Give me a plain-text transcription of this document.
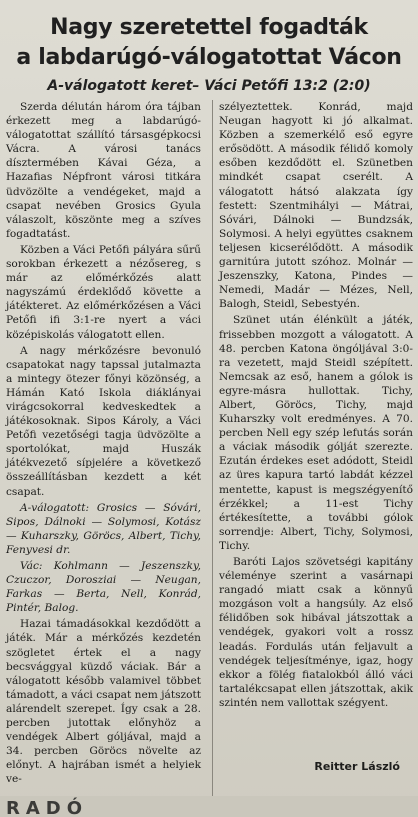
Nagy szeretettel fogadták
a labdarúgó-válogatottat Vácon
A-válogatott keret– Váci Petőfi 13:2 (2:0)

Szerda délután három óra tájban érkezett meg a labdarúgó-válogatottat szállító társasgépkocsi Vácra. A városi tanács dísztermében Kávai Géza, a Hazafias Népfront városi titkára üdvözölte a vendégeket, majd a csapat nevében Grosics Gyula válaszolt, köszönte meg a szíves fogadtatást.

Közben a Váci Petőfi pályára sűrű sorokban érkezett a nézősereg, s már az előmérkőzés alatt nagyszámú érdeklődő követte a játékteret. Az előmérkőzésen a Váci Petőfi ifi 3:1-re nyert a váci középiskolás válogatott ellen.

A nagy mérkőzésre bevonuló csapatokat nagy tapssal jutalmazta a mintegy ötezer főnyi közönség, a Hámán Kató Iskola diáklányai virágcsokorral kedveskedtek a játékosoknak. Sipos Károly, a Váci Petőfi vezetőségi tagja üdvözölte a sportolókat, majd Huszák játékvezető sípjelére a következő összeállításban kezdett a két csapat.

A-válogatott: Grosics — Sóvári, Sipos, Dálnoki — Solymosi, Kotász — Kuharszky, Göröcs, Albert, Tichy, Fenyvesi dr.

Vác: Kohlmann — Jeszenszky, Czuczor, Dorosziai — Neugan, Farkas — Berta, Nell, Konrád, Pintér, Balog.

Hazai támadásokkal kezdődött a játék. Már a mérkőzés kezdetén szögletet értek el a nagy becsvággyal küzdő váciak. Bár a válogatott később valamivel többet támadott, a váci csapat nem játszott alárendelt szerepet. Így csak a 28. percben jutottak előnyhöz a vendégek Albert góljával, majd a 34. percben Göröcs növelte az előnyt. A hajrában ismét a helyiek ve-

szélyeztettek. Konrád, majd Neugan hagyott ki jó alkalmat. Közben a szemerkélő eső egyre erősödött. A második félidő komoly esőben kezdődött el. Szünetben mindkét csapat cserélt. A válogatott hátsó alakzata így festett: Szentmihályi — Mátrai, Sóvári, Dálnoki — Bundzsák, Solymosi. A helyi együttes csaknem teljesen kicserélődött. A második garnitúra jutott szóhoz. Molnár — Jeszenszky, Katona, Pindes — Nemedi, Madár — Mézes, Nell, Balogh, Steidl, Sebestyén.

Szünet után élénkült a játék, frissebben mozgott a válogatott. A 48. percben Katona öngóljával 3:0-ra vezetett, majd Steidl szépített. Nemcsak az eső, hanem a gólok is egyre-másra hullottak. Tichy, Albert, Göröcs, Tichy, majd Kuharszky volt eredményes. A 70. percben Nell egy szép lefutás során a váciak második gólját szerezte. Ezután érdekes eset adódott, Steidl az üres kapura tartó labdát kézzel mentette, kapust is megszégyenítő érzékkel; a 11-est Tichy értékesítette, a további gólok sorrendje: Albert, Tichy, Solymosi, Tichy.

Baróti Lajos szövetségi kapitány véleménye szerint a vasárnapi rangadó miatt csak a könnyű mozgáson volt a hangsúly. Az első félidőben sok hibával játszottak a vendégek, gyakori volt a rossz leadás. Fordulás után feljavult a vendégek teljesítménye, igaz, hogy ekkor a fölég fiatalokból álló váci tartalékcsapat ellen játszottak, akik szintén nem vallottak szégyent.

Reitter László
RADÓ
